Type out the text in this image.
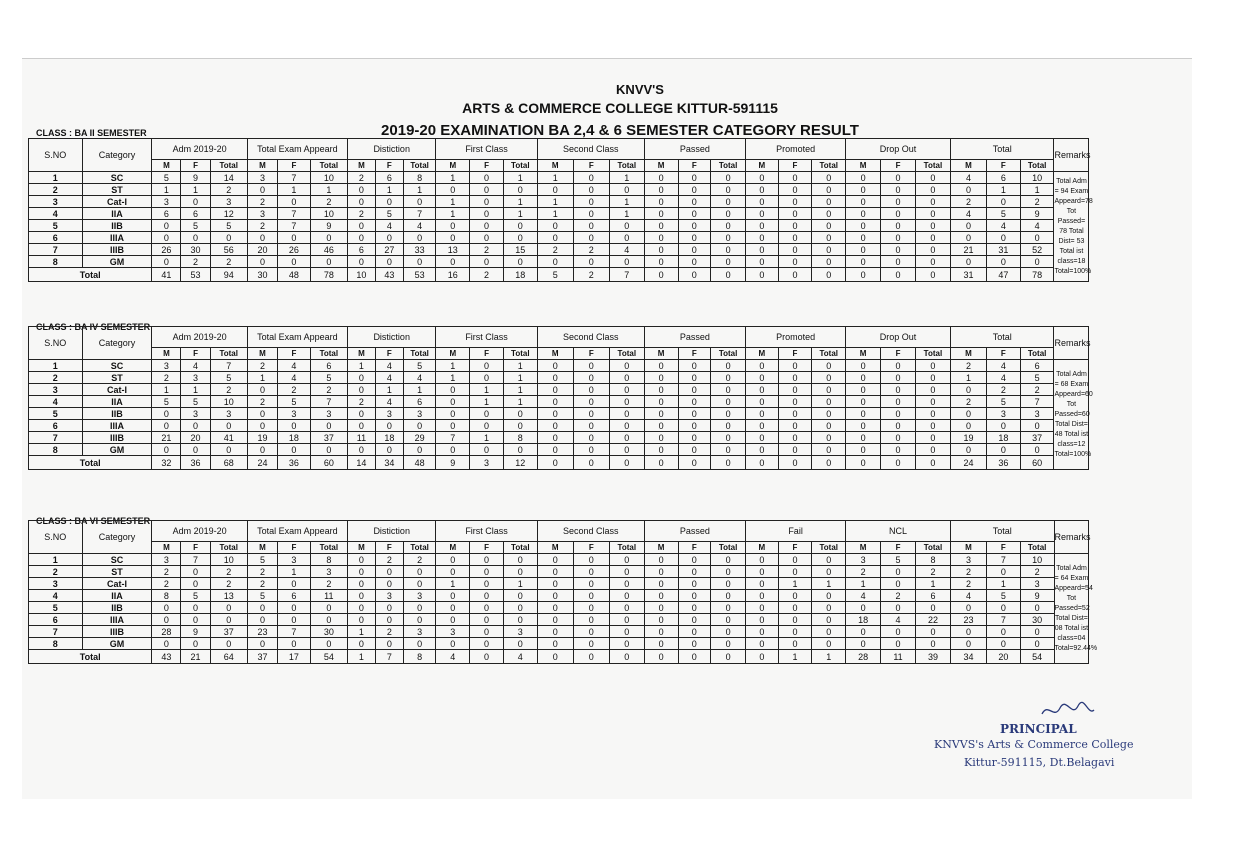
KNVV'S
ARTS & COMMERCE COLLEGE KITTUR-591115
2019-20 EXAMINATION BA 2,4 & 6 SEMESTER CATEGORY RESULT
CLASS : BA II SEMESTER
S.NO	Category	Adm 2019-20			Total Exam Appeard			Distiction			First Class			Second Class			Passed			Promoted			Drop Out			Total			Remarks
		M	F	Total	M	F	Total	M	F	Total	M	F	Total	M	F	Total	M	F	Total	M	F	Total	M	F	Total	M	F	Total	
1	SC	5	9	14	3	7	10	2	6	8	1	0	1	1	0	1	0	0	0	0	0	0	0	0	0	4	6	10	Total Adm = 94 Exam Appeard=78 Tot Passed= 78 Total Dist= 53 Total ist class=18 Total=100%
2	ST	1	1	2	0	1	1	0	1	1	0	0	0	0	0	0	0	0	0	0	0	0	0	0	0	0	1	1	
3	Cat-I	3	0	3	2	0	2	0	0	0	1	0	1	1	0	1	0	0	0	0	0	0	0	0	0	2	0	2	
4	IIA	6	6	12	3	7	10	2	5	7	1	0	1	1	0	1	0	0	0	0	0	0	0	0	0	4	5	9	
5	IIB	0	5	5	2	7	9	0	4	4	0	0	0	0	0	0	0	0	0	0	0	0	0	0	0	0	4	4	
6	IIIA	0	0	0	0	0	0	0	0	0	0	0	0	0	0	0	0	0	0	0	0	0	0	0	0	0	0	0	
7	IIIB	26	30	56	20	26	46	6	27	33	13	2	15	2	2	4	0	0	0	0	0	0	0	0	0	21	31	52	
8	GM	0	2	2	0	0	0	0	0	0	0	0	0	0	0	0	0	0	0	0	0	0	0	0	0	0	0	0	
Total		41	53	94	30	48	78	10	43	53	16	2	18	5	2	7	0	0	0	0	0	0	0	0	0	31	47	78	
CLASS : BA IV SEMESTER
S.NO	Category	Adm 2019-20			Total Exam Appeard			Distiction			First Class			Second Class			Passed			Promoted			Drop Out			Total			Remarks
		M	F	Total	M	F	Total	M	F	Total	M	F	Total	M	F	Total	M	F	Total	M	F	Total	M	F	Total	M	F	Total	
1	SC	3	4	7	2	4	6	1	4	5	1	0	1	0	0	0	0	0	0	0	0	0	0	0	0	2	4	6	Total Adm = 68 Exam Appeard=60 Tot Passed=60 Total Dist= 48 Total ist class=12 Total=100%
2	ST	2	3	5	1	4	5	0	4	4	1	0	1	0	0	0	0	0	0	0	0	0	0	0	0	1	4	5	
3	Cat-I	1	1	2	0	2	2	0	1	1	0	1	1	0	0	0	0	0	0	0	0	0	0	0	0	0	2	2	
4	IIA	5	5	10	2	5	7	2	4	6	0	1	1	0	0	0	0	0	0	0	0	0	0	0	0	2	5	7	
5	IIB	0	3	3	0	3	3	0	3	3	0	0	0	0	0	0	0	0	0	0	0	0	0	0	0	0	3	3	
6	IIIA	0	0	0	0	0	0	0	0	0	0	0	0	0	0	0	0	0	0	0	0	0	0	0	0	0	0	0	
7	IIIB	21	20	41	19	18	37	11	18	29	7	1	8	0	0	0	0	0	0	0	0	0	0	0	0	19	18	37	
8	GM	0	0	0	0	0	0	0	0	0	0	0	0	0	0	0	0	0	0	0	0	0	0	0	0	0	0	0	
Total		32	36	68	24	36	60	14	34	48	9	3	12	0	0	0	0	0	0	0	0	0	0	0	0	24	36	60	
CLASS : BA VI SEMESTER
S.NO	Category	Adm 2019-20			Total Exam Appeard			Distiction			First Class			Second Class			Passed			Fail			NCL			Total			Remarks
		M	F	Total	M	F	Total	M	F	Total	M	F	Total	M	F	Total	M	F	Total	M	F	Total	M	F	Total	M	F	Total	
1	SC	3	7	10	5	3	8	0	2	2	0	0	0	0	0	0	0	0	0	0	0	0	3	5	8	3	7	10	Total Adm = 64 Exam Appeard=54 Tot Passed=52 Total Dist= 08 Total ist class=04 Total=92.44%
2	ST	2	0	2	2	1	3	0	0	0	0	0	0	0	0	0	0	0	0	0	0	0	2	0	2	2	0	2	
3	Cat-I	2	0	2	2	0	2	0	0	0	1	0	1	0	0	0	0	0	0	0	1	1	1	0	1	2	1	3	
4	IIA	8	5	13	5	6	11	0	3	3	0	0	0	0	0	0	0	0	0	0	0	0	4	2	6	4	5	9	
5	IIB	0	0	0	0	0	0	0	0	0	0	0	0	0	0	0	0	0	0	0	0	0	0	0	0	0	0	0	
6	IIIA	0	0	0	0	0	0	0	0	0	0	0	0	0	0	0	0	0	0	0	0	0	18	4	22	23	7	30	
7	IIIB	28	9	37	23	7	30	1	2	3	3	0	3	0	0	0	0	0	0	0	0	0	0	0	0	0	0	0	
8	GM	0	0	0	0	0	0	0	0	0	0	0	0	0	0	0	0	0	0	0	0	0	0	0	0	0	0	0	
Total		43	21	64	37	17	54	1	7	8	4	0	4	0	0	0	0	0	0	0	1	1	28	11	39	34	20	54	
PRINCIPAL
KNVVS's Arts & Commerce College
Kittur-591115, Dt.Belagavi
